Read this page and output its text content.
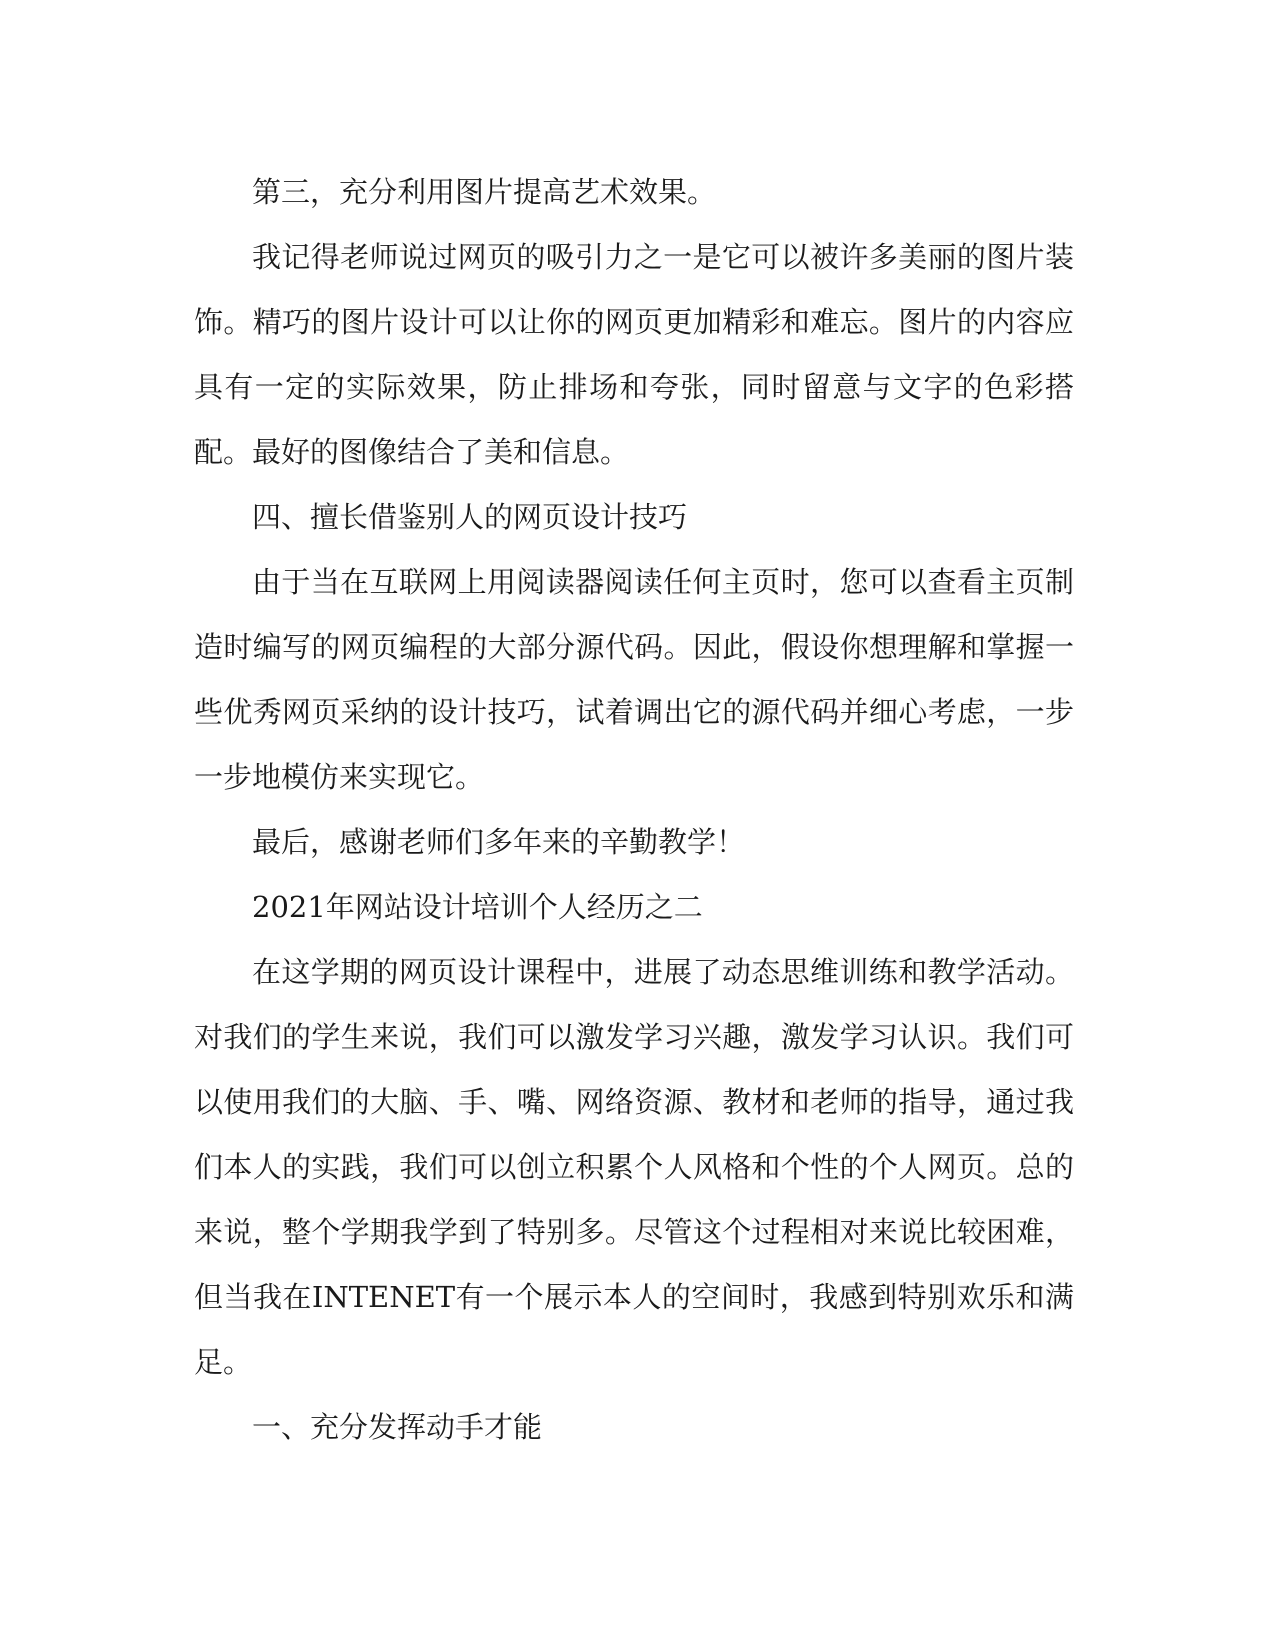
第三，充分利用图片提高艺术效果。

我记得老师说过网页的吸引力之一是它可以被许多美丽的图片装饰。精巧的图片设计可以让你的网页更加精彩和难忘。图片的内容应具有一定的实际效果，防止排场和夸张，同时留意与文字的色彩搭配。最好的图像结合了美和信息。

四、擅长借鉴别人的网页设计技巧

由于当在互联网上用阅读器阅读任何主页时，您可以查看主页制造时编写的网页编程的大部分源代码。因此，假设你想理解和掌握一些优秀网页采纳的设计技巧，试着调出它的源代码并细心考虑，一步一步地模仿来实现它。

最后，感谢老师们多年来的辛勤教学！

2021年网站设计培训个人经历之二

在这学期的网页设计课程中，进展了动态思维训练和教学活动。对我们的学生来说，我们可以激发学习兴趣，激发学习认识。我们可以使用我们的大脑、手、嘴、网络资源、教材和老师的指导，通过我们本人的实践，我们可以创立积累个人风格和个性的个人网页。总的来说，整个学期我学到了特别多。尽管这个过程相对来说比较困难，但当我在INTENET有一个展示本人的空间时，我感到特别欢乐和满足。

一、充分发挥动手才能
